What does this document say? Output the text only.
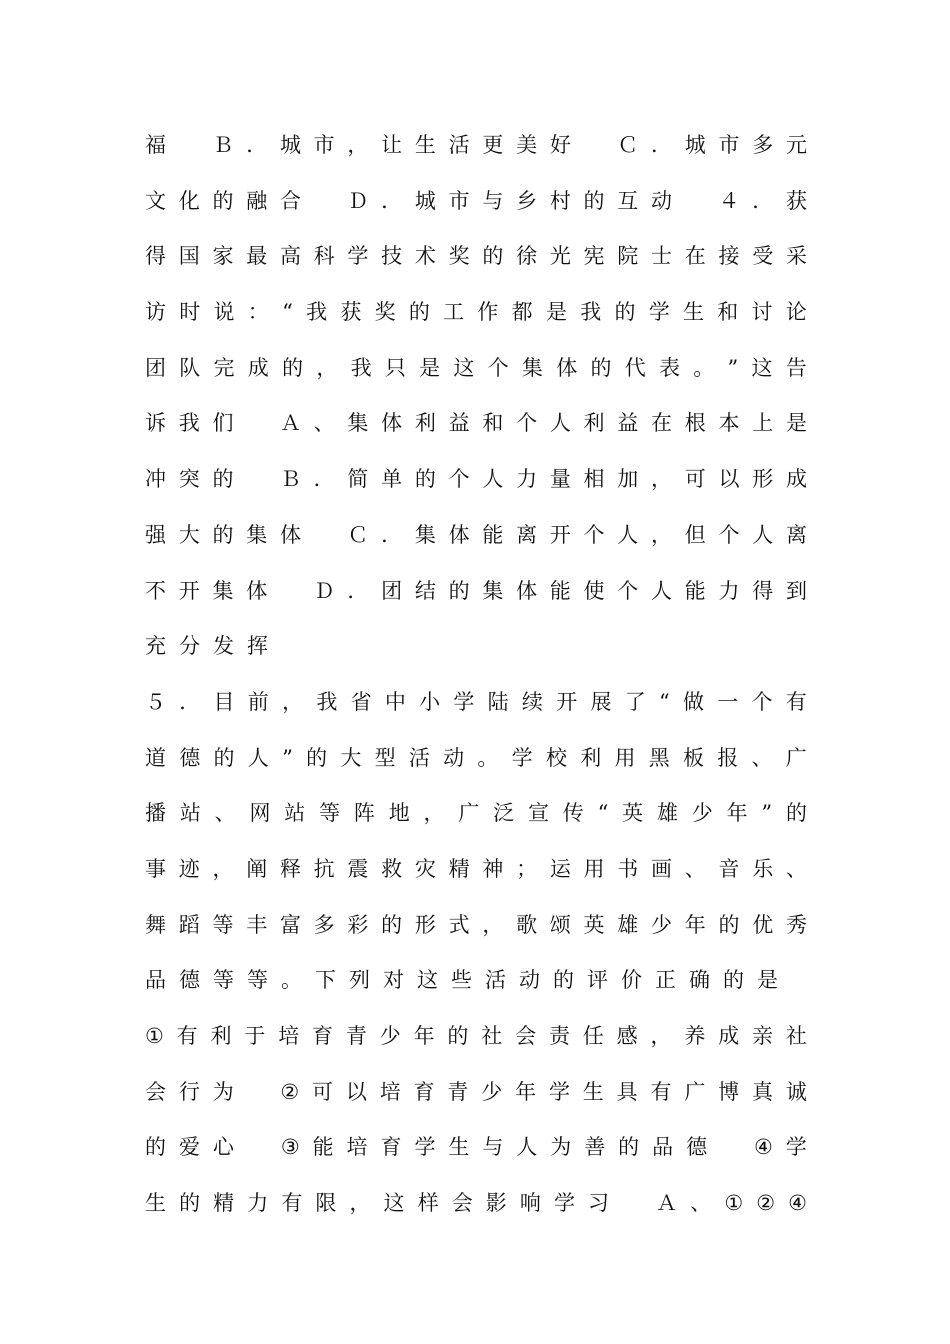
福
　 Ｂ ． 城 市 ， 让 生 活 更 美 好
　 Ｃ ． 城 市 多 元
文 化 的 融 合
　 Ｄ ． 城 市 与 乡 村 的 互 动
　 ４ ． 获
得 国 家 最 高 科 学 技 术 奖 的 徐 光 宪 院 士 在 接 受 采
访 时 说 ： “ 我 获 奖 的 工 作 都 是 我 的 学 生 和 讨 论
团 队 完 成 的 ， 我 只 是 这 个 集 体 的 代 表 。 ” 这 告
诉 我 们
　 Ａ 、 集 体 利 益 和 个 人 利 益 在 根 本 上 是
冲 突 的
　 Ｂ ． 简 单 的 个 人 力 量 相 加 ， 可 以 形 成
强 大 的 集 体
　 Ｃ ． 集 体 能 离 开 个 人 ， 但 个 人 离
不 开 集 体
　 Ｄ ． 团 结 的 集 体 能 使 个 人 能 力 得 到
充 分 发 挥
５ ． 目 前 ， 我 省 中 小 学 陆 续 开 展 了 “ 做 一 个 有
道 德 的 人 ” 的 大 型 活 动 。 学 校 利 用 黑 板 报 、 广
播 站 、 网 站 等 阵 地 ， 广 泛 宣 传 “ 英 雄 少 年 ” 的
事 迹 ， 阐 释 抗 震 救 灾 精 神 ； 运 用 书 画 、 音 乐 、
舞 蹈 等 丰 富 多 彩 的 形 式 ， 歌 颂 英 雄 少 年 的 优 秀
品 德 等 等 。 下 列 对 这 些 活 动 的 评 价 正 确 的 是
① 有 利 于 培 育 青 少 年 的 社 会 责 任 感 ， 养 成 亲 社
会 行 为
　 ② 可 以 培 育 青 少 年 学 生 具 有 广 博 真 诚
的 爱 心
　 ③ 能 培 育 学 生 与 人 为 善 的 品 德
　 ④ 学
生 的 精 力 有 限 ， 这 样 会 影 响 学 习
　 Ａ 、 ① ② ④
